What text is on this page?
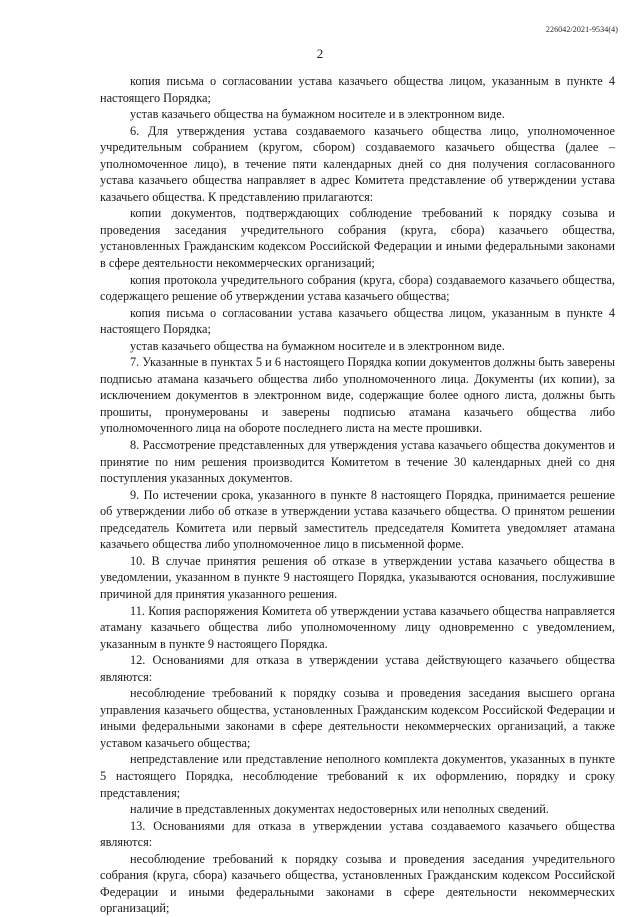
226042/2021-9534(4)
2

копия письма о согласовании устава казачьего общества лицом, указанным в пункте 4 настоящего Порядка;

устав казачьего общества на бумажном носителе и в электронном виде.

6. Для утверждения устава создаваемого казачьего общества лицо, уполномоченное учредительным собранием (кругом, сбором) создаваемого казачьего общества (далее – уполномоченное лицо), в течение пяти календарных дней со дня получения согласованного устава казачьего общества направляет в адрес Комитета представление об утверждении устава казачьего общества. К представлению прилагаются:

копии документов, подтверждающих соблюдение требований к порядку созыва и проведения заседания учредительного собрания (круга, сбора) казачьего общества, установленных Гражданским кодексом Российской Федерации и иными федеральными законами в сфере деятельности некоммерческих организаций;

копия протокола учредительного собрания (круга, сбора) создаваемого казачьего общества, содержащего решение об утверждении устава казачьего общества;

копия письма о согласовании устава казачьего общества лицом, указанным в пункте 4 настоящего Порядка;

устав казачьего общества на бумажном носителе и в электронном виде.

7. Указанные в пунктах 5 и 6 настоящего Порядка копии документов должны быть заверены подписью атамана казачьего общества либо уполномоченного лица. Документы (их копии), за исключением документов в электронном виде, содержащие более одного листа, должны быть прошиты, пронумерованы и заверены подписью атамана казачьего общества либо уполномоченного лица на обороте последнего листа на месте прошивки.

8. Рассмотрение представленных для утверждения устава казачьего общества документов и принятие по ним решения производится Комитетом в течение 30 календарных дней со дня поступления указанных документов.

9. По истечении срока, указанного в пункте 8 настоящего Порядка, принимается решение об утверждении либо об отказе в утверждении устава казачьего общества. О принятом решении председатель Комитета или первый заместитель председателя Комитета уведомляет атамана казачьего общества либо уполномоченное лицо в письменной форме.

10. В случае принятия решения об отказе в утверждении устава казачьего общества в уведомлении, указанном в пункте 9 настоящего Порядка, указываются основания, послужившие причиной для принятия указанного решения.

11. Копия распоряжения Комитета об утверждении устава казачьего общества направляется атаману казачьего общества либо уполномоченному лицу одновременно с уведомлением, указанным в пункте 9 настоящего Порядка.

12. Основаниями для отказа в утверждении устава действующего казачьего общества являются:

несоблюдение требований к порядку созыва и проведения заседания высшего органа управления казачьего общества, установленных Гражданским кодексом Российской Федерации и иными федеральными законами в сфере деятельности некоммерческих организаций, а также уставом казачьего общества;

непредставление или представление неполного комплекта документов, указанных в пункте 5 настоящего Порядка, несоблюдение требований к их оформлению, порядку и сроку представления;

наличие в представленных документах недостоверных или неполных сведений.

13. Основаниями для отказа в утверждении устава создаваемого казачьего общества являются:

несоблюдение требований к порядку созыва и проведения заседания учредительного собрания (круга, сбора) казачьего общества, установленных Гражданским кодексом Российской Федерации и иными федеральными законами в сфере деятельности некоммерческих организаций;
